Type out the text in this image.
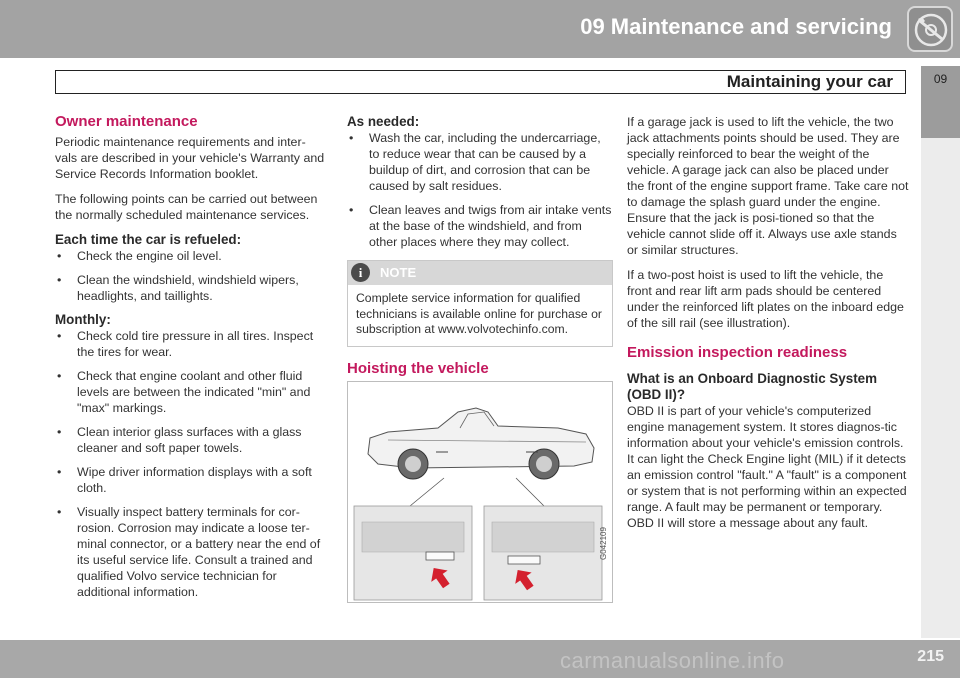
09 Maintenance and servicing
Maintaining your car	09
Owner maintenance

Periodic maintenance requirements and inter-vals are described in your vehicle's Warranty and Service Records Information booklet.

The following points can be carried out between the normally scheduled maintenance services.

Each time the car is refueled:
• Check the engine oil level.
• Clean the windshield, windshield wipers, headlights, and taillights.
Monthly:
• Check cold tire pressure in all tires. Inspect the tires for wear.
• Check that engine coolant and other fluid levels are between the indicated "min" and "max" markings.
• Clean interior glass surfaces with a glass cleaner and soft paper towels.
• Wipe driver information displays with a soft cloth.
• Visually inspect battery terminals for cor-rosion. Corrosion may indicate a loose ter-minal connector, or a battery near the end of its useful service life. Consult a trained and qualified Volvo service technician for additional information.
As needed:
• Wash the car, including the undercarriage, to reduce wear that can be caused by a buildup of dirt, and corrosion that can be caused by salt residues.
• Clean leaves and twigs from air intake vents at the base of the windshield, and from other places where they may collect.
i	NOTE
Complete service information for qualified technicians is available online for purchase or subscription at www.volvotechinfo.com.
Hoisting the vehicle
G042109

If a garage jack is used to lift the vehicle, the two jack attachments points should be used. They are specially reinforced to bear the weight of the vehicle. A garage jack can also be placed under the front of the engine support frame. Take care not to damage the splash guard under the engine. Ensure that the jack is posi-tioned so that the vehicle cannot slide off it. Always use axle stands or similar structures.

If a two-post hoist is used to lift the vehicle, the front and rear lift arm pads should be centered under the reinforced lift plates on the inboard edge of the sill rail (see illustration).

Emission inspection readiness
What is an Onboard Diagnostic System (OBD II)?

OBD II is part of your vehicle's computerized engine management system. It stores diagnos-tic information about your vehicle's emission controls. It can light the Check Engine light (MIL) if it detects an emission control "fault." A "fault" is a component or system that is not performing within an expected range. A fault may be permanent or temporary. OBD II will store a message about any fault.

215
carmanualsonline.info
